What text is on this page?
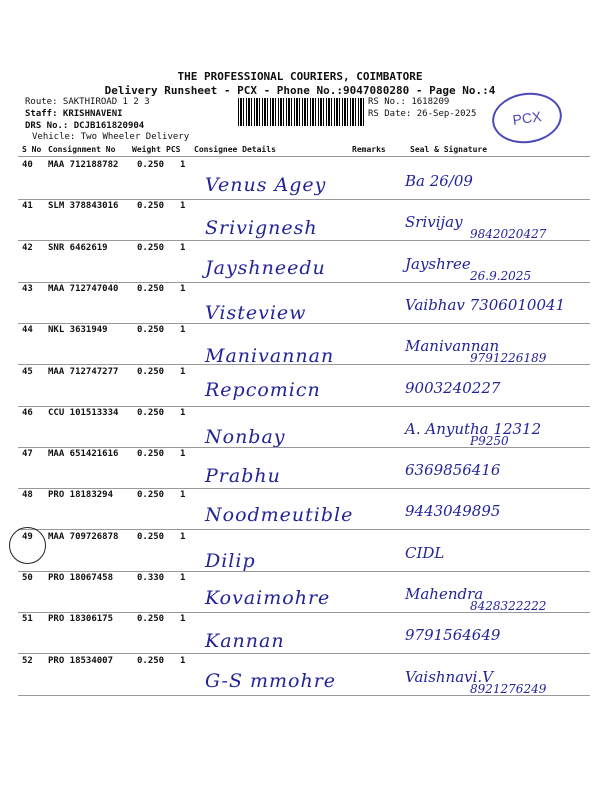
THE PROFESSIONAL COURIERS, COIMBATORE
Delivery Runsheet - PCX - Phone No.:9047080280 - Page No.:4
Route: SAKTHIROAD 1 2 3
Staff: KRISHNAVENI
DRS No.: DCJB161820904
Vehicle: Two Wheeler Delivery
RS No.: 1618209
RS Date: 26-Sep-2025	PCX
S No Consignment No Weight PCS Consignee Details	Remarks	Seal & Signature
40 MAA 712188782 0.250 1
Venus Agey	Ba 26/09
41 SLM 378843016 0.250 1
Srivignesh	Srivijay
9842020427
42 SNR 6462619	0.250 1
Jayshneedu	Jayshree
26.9.2025
43 MAA 712747040 0.250 1
Visteview	Vaibhav 7306010041
44 NKL 3631949	0.250 1
Manivannan	Manivannan
9791226189
45 MAA 712747277 0.250 1
Repcomicn	9003240227
46 CCU 101513334 0.250 1
Nonbay	A. Anyutha 12312
P9250
47 MAA 651421616 0.250 1
Prabhu	6369856416
48 PRO 18183294	0.250 1
Noodmeutible	9443049895
49 MAA 709726878 0.250 1
Dilip	CIDL
50 PRO 18067458	0.330 1
Kovaimohre	Mahendra
8428322222
51 PRO 18306175	0.250 1
Kannan	9791564649
52 PRO 18534007	0.250 1
G-S mmohre	Vaishnavi.V
8921276249
